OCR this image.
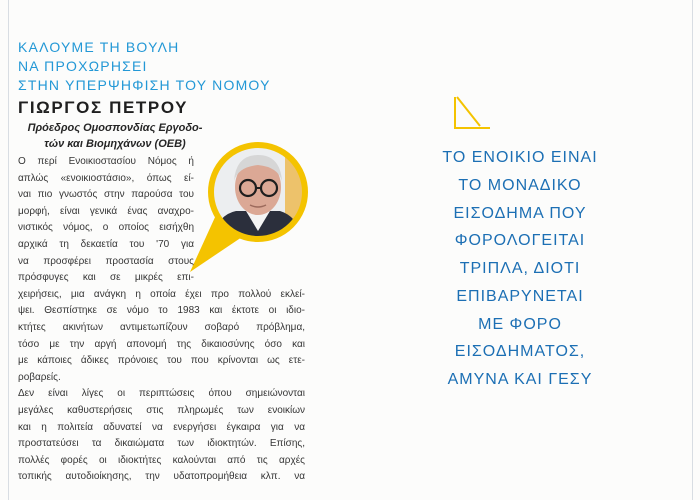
ΚΑΛΟΥΜΕ ΤΗ ΒΟΥΛΗ
ΝΑ ΠΡΟΧΩΡΗΣΕΙ
ΣΤΗΝ ΥΠΕΡΨΗΦΙΣΗ ΤΟΥ ΝΟΜΟΥ
ΓΙΩΡΓΟΣ ΠΕΤΡΟΥ
Πρόεδρος Ομοσπονδίας Εργοδο-
τών και Βιομηχάνων (ΟΕΒ)
Ο περί Ενοικιοστασίου Νόμος ή
απλώς «ενοικιοστάσιο», όπως εί-
ναι πιο γνωστός στην παρούσα του
μορφή, είναι γενικά ένας αναχρο-
νιστικός νόμος, ο οποίος εισήχθη
αρχικά τη δεκαετία του '70 για
να προσφέρει προστασία στους
πρόσφυγες και σε μικρές επι-
χειρήσεις, μια ανάγκη η οποία έχει προ πολλού εκλεί-
ψει. Θεσπίστηκε σε νόμο το 1983 και έκτοτε οι ιδιο-
κτήτες ακινήτων αντιμετωπίζουν σοβαρό πρόβλημα,
τόσο με την αργή απονομή της δικαιοσύνης όσο και
με κάποιες άδικες πρόνοιες του που κρίνονται ως ετε-
ροβαρείς.
Δεν είναι λίγες οι περιπτώσεις όπου σημειώνονται
μεγάλες καθυστερήσεις στις πληρωμές των ενοικίων
και η πολιτεία αδυνατεί να ενεργήσει έγκαιρα για να
προστατεύσει τα δικαιώματα των ιδιοκτητών. Επίσης,
πολλές φορές οι ιδιοκτήτες καλούνται από τις αρχές
τοπικής αυτοδιοίκησης, την υδατοπρομήθεια κλπ. να
ΤΟ ΕΝΟΙΚΙΟ ΕΙΝΑΙ
ΤΟ ΜΟΝΑΔΙΚΟ
ΕΙΣΟΔΗΜΑ ΠΟΥ
ΦΟΡΟΛΟΓΕΙΤΑΙ
ΤΡΙΠΛΑ, ΔΙΟΤΙ
ΕΠΙΒΑΡΥΝΕΤΑΙ
ΜΕ ΦΟΡΟ
ΕΙΣΟΔΗΜΑΤΟΣ,
ΑΜΥΝΑ ΚΑΙ ΓΕΣΥ
